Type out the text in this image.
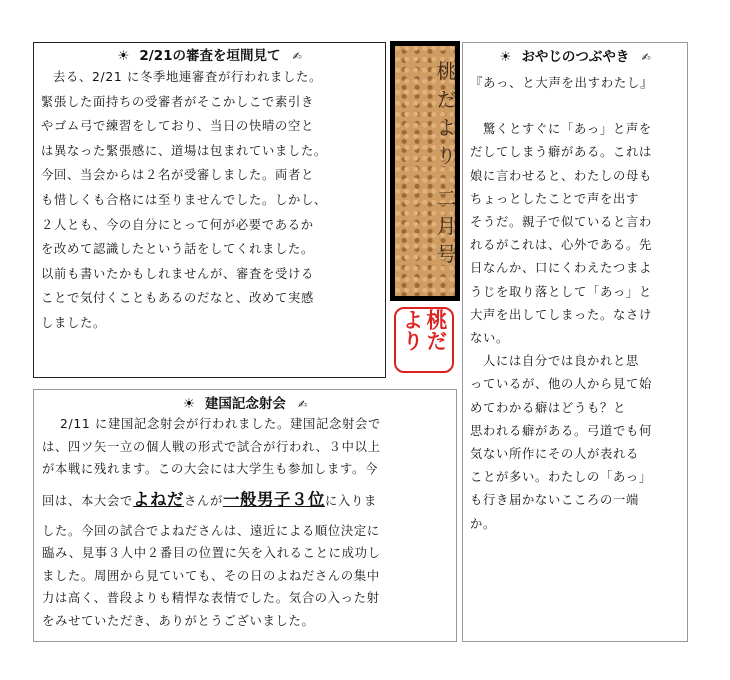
☀ 2/21の審査を垣間見て ✍

去る、2/21 に冬季地連審査が行われました。

緊張した面持ちの受審者がそこかしこで素引き

やゴム弓で練習をしており、当日の快晴の空と

は異なった緊張感に、道場は包まれていました。

今回、当会からは２名が受審しました。両者と

も惜しくも合格には至りませんでした。しかし、

２人とも、今の自分にとって何が必要であるか

を改めて認識したという話をしてくれました。

以前も書いたかもしれませんが、審査を受ける

ことで気付くこともあるのだなと、改めて実感

しました。

桃だより 二月号
桃だより
☀ 建国記念射会 ✍

2/11 に建国記念射会が行われました。建国記念射会で

は、四ツ矢一立の個人戦の形式で試合が行われ、３中以上

が本戦に残れます。この大会には大学生も参加します。今

回は、本大会でよねださんが一般男子３位に入りま

した。今回の試合でよねださんは、遠近による順位決定に

臨み、見事３人中２番目の位置に矢を入れることに成功し

ました。周囲から見ていても、その日のよねださんの集中

力は高く、普段よりも精悍な表情でした。気合の入った射

をみせていただき、ありがとうございました。

☀ おやじのつぶやき ✍

『あっ、と大声を出すわたし』

驚くとすぐに「あっ」と声を

だしてしまう癖がある。これは

娘に言わせると、わたしの母も

ちょっとしたことで声を出す

そうだ。親子で似ていると言わ

れるがこれは、心外である。先

日なんか、口にくわえたつまよ

うじを取り落として「あっ」と

大声を出してしまった。なさけ

ない。

人には自分では良かれと思

っているが、他の人から見て始

めてわかる癖はどうも？と

思われる癖がある。弓道でも何

気ない所作にその人が表れる

ことが多い。わたしの「あっ」

も行き届かないこころの一端

か。
